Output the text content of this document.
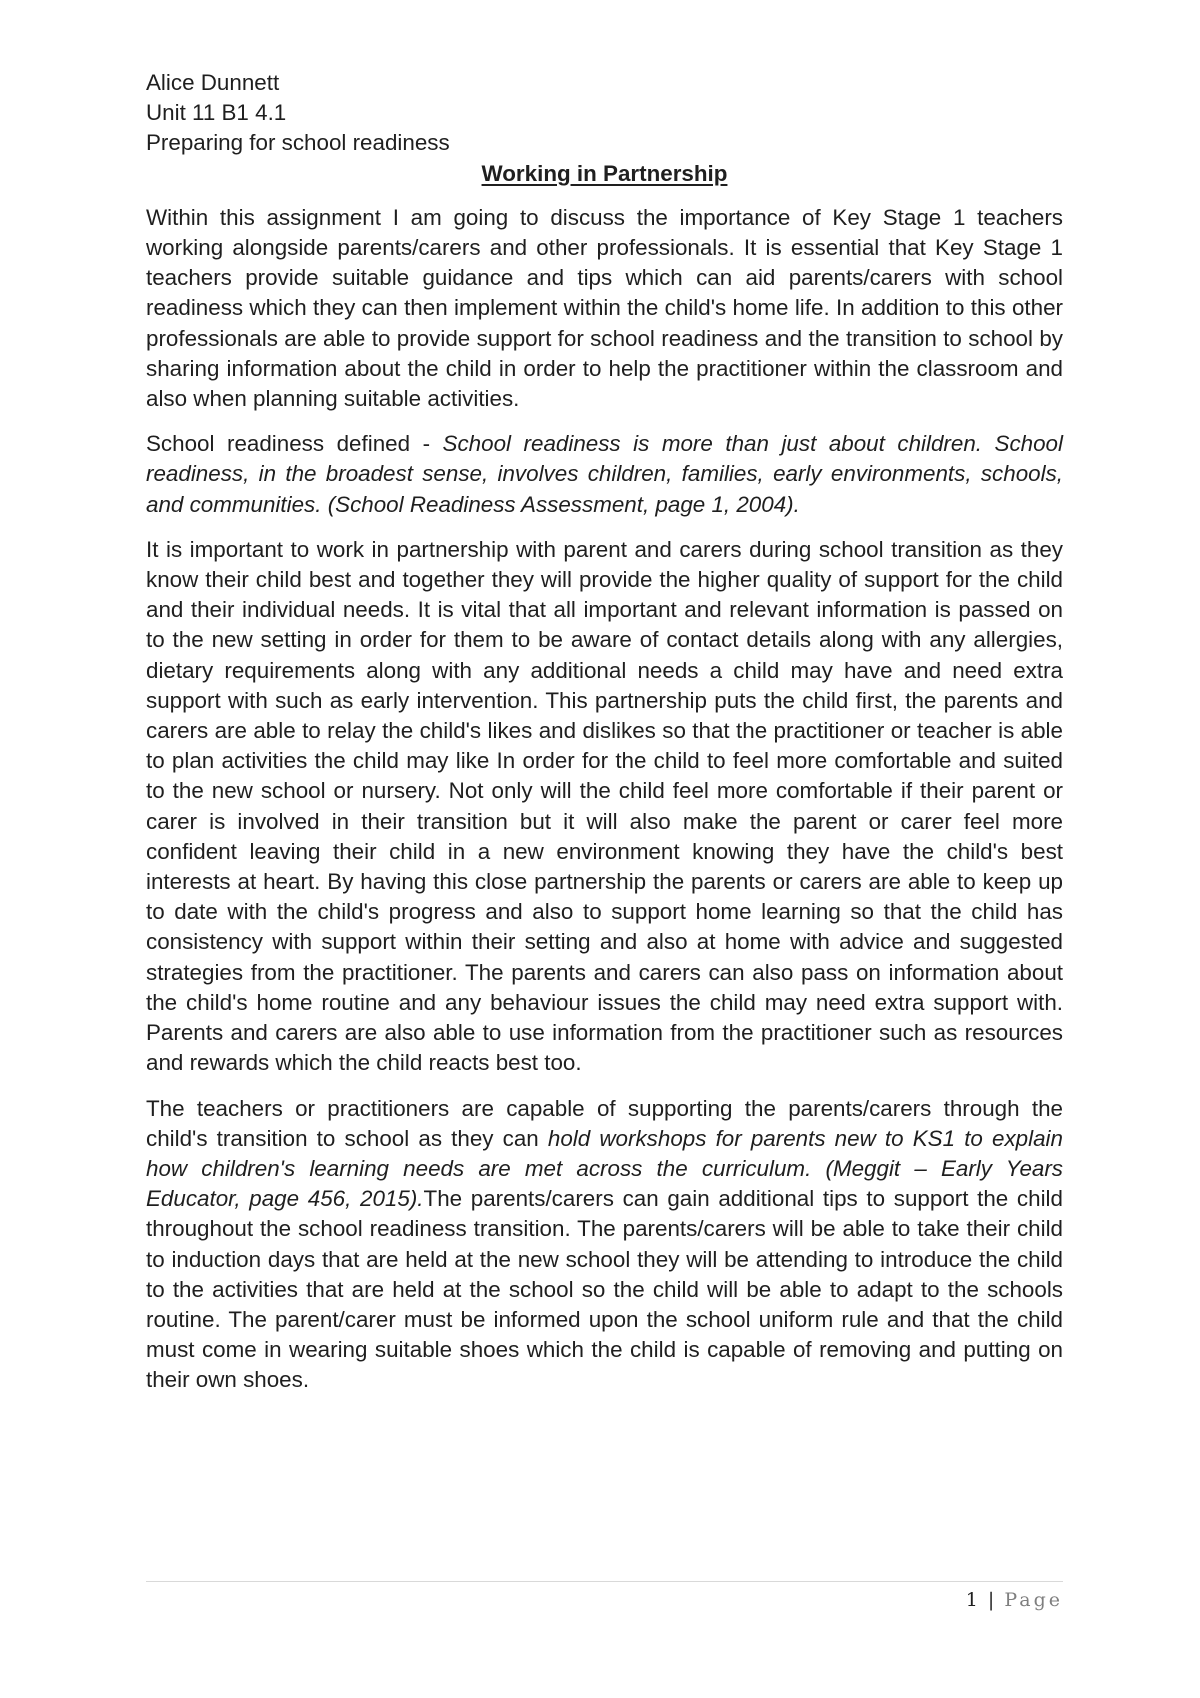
Alice Dunnett

Unit 11 B1 4.1

Preparing for school readiness

Working in Partnership

Within this assignment I am going to discuss the importance of Key Stage 1 teachers working alongside parents/carers and other professionals. It is essential that Key Stage 1 teachers provide suitable guidance and tips which can aid parents/carers with school readiness which they can then implement within the child's home life. In addition to this other professionals are able to provide support for school readiness and the transition to school by sharing information about the child in order to help the practitioner within the classroom and also when planning suitable activities.

School readiness defined - School readiness is more than just about children. School readiness, in the broadest sense, involves children, families, early environments, schools, and communities. (School Readiness Assessment, page 1, 2004).

It is important to work in partnership with parent and carers during school transition as they know their child best and together they will provide the higher quality of support for the child and their individual needs. It is vital that all important and relevant information is passed on to the new setting in order for them to be aware of contact details along with any allergies, dietary requirements along with any additional needs a child may have and need extra support with such as early intervention. This partnership puts the child first, the parents and carers are able to relay the child's likes and dislikes so that the practitioner or teacher is able to plan activities the child may like In order for the child to feel more comfortable and suited to the new school or nursery. Not only will the child feel more comfortable if their parent or carer is involved in their transition but it will also make the parent or carer feel more confident leaving their child in a new environment knowing they have the child's best interests at heart. By having this close partnership the parents or carers are able to keep up to date with the child's progress and also to support home learning so that the child has consistency with support within their setting and also at home with advice and suggested strategies from the practitioner. The parents and carers can also pass on information about the child's home routine and any behaviour issues the child may need extra support with. Parents and carers are also able to use information from the practitioner such as resources and rewards which the child reacts best too.

The teachers or practitioners are capable of supporting the parents/carers through the child's transition to school as they can hold workshops for parents new to KS1 to explain how children's learning needs are met across the curriculum. (Meggit – Early Years Educator, page 456, 2015).The parents/carers can gain additional tips to support the child throughout the school readiness transition. The parents/carers will be able to take their child to induction days that are held at the new school they will be attending to introduce the child to the activities that are held at the school so the child will be able to adapt to the schools routine. The parent/carer must be informed upon the school uniform rule and that the child must come in wearing suitable shoes which the child is capable of removing and putting on their own shoes.

1 | Page
